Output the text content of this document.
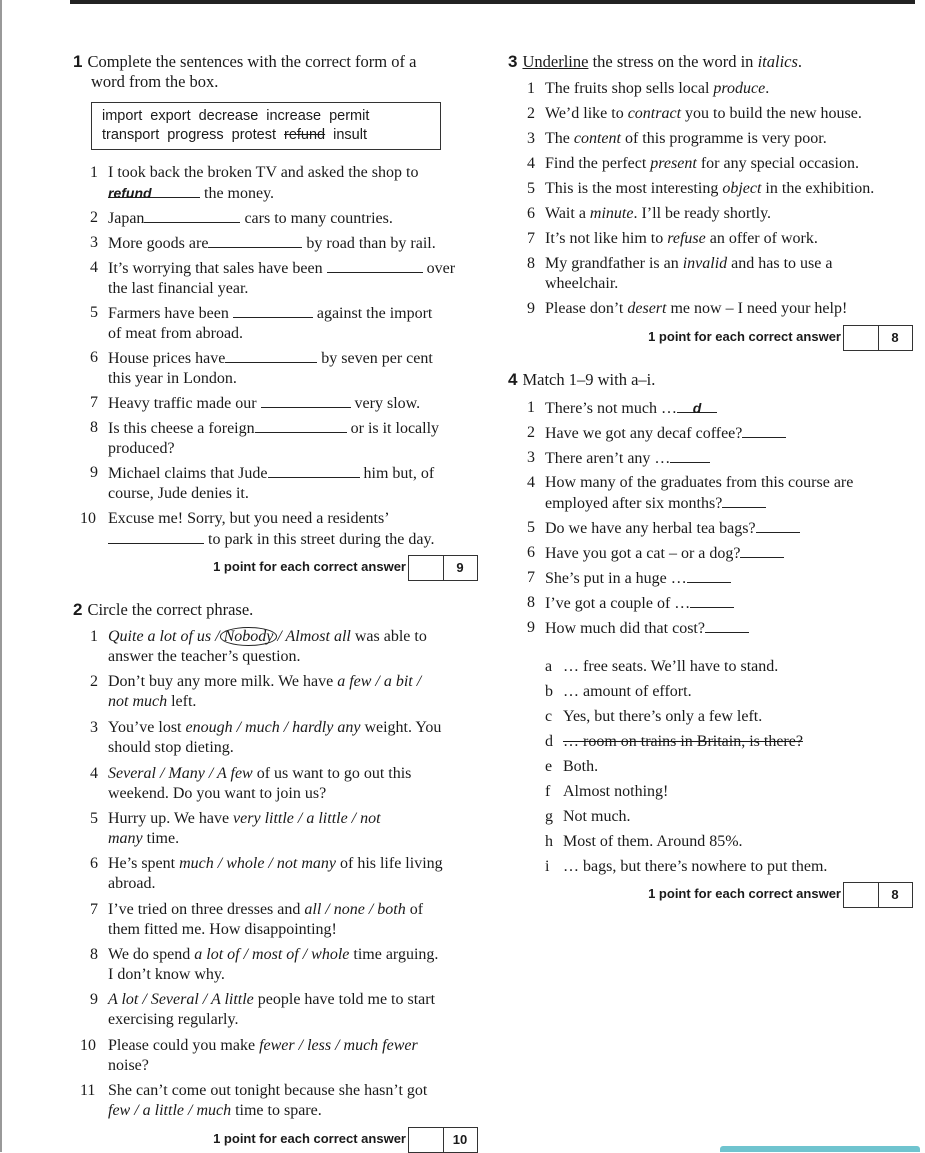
1 Complete the sentences with the correct form of a
word from the box.
import export decrease increase permit
transport progress protest refund insult
1 I took back the broken TV and asked the shop to
refund	the money.
2 Japan	cars to many countries.
3 More goods are	by road than by rail.
4 It’s worrying that sales have been	over
the last financial year.
5 Farmers have been	against the import
of meat from abroad.
6 House prices have	by seven per cent
this year in London.
7 Heavy traffic made our	very slow.
8 Is this cheese a foreign	or is it locally
produced?
9 Michael claims that Jude	him but, of
course, Jude denies it.
10 Excuse me! Sorry, but you need a residents’
to park in this street during the day.
1 point for each correct answer	9
2 Circle the correct phrase.
1 Quite a lot of us / Nobody / Almost all was able to
answer the teacher’s question.
2 Don’t buy any more milk. We have a few / a bit /
not much left.
3 You’ve lost enough / much / hardly any weight. You
should stop dieting.
4 Several / Many / A few of us want to go out this
weekend. Do you want to join us?
5 Hurry up. We have very little / a little / not
many time.
6 He’s spent much / whole / not many of his life living
abroad.
7 I’ve tried on three dresses and all / none / both of
them fitted me. How disappointing!
8 We do spend a lot of / most of / whole time arguing.
I don’t know why.
9 A lot / Several / A little people have told me to start
exercising regularly.
10 Please could you make fewer / less / much fewer
noise?
11 She can’t come out tonight because she hasn’t got
few / a little / much time to spare.
1 point for each correct answer	10
3 Underline the stress on the word in italics.
1 The fruits shop sells local produce.
2 We’d like to contract you to build the new house.
3 The content of this programme is very poor.
4 Find the perfect present for any special occasion.
5 This is the most interesting object in the exhibition.
6 Wait a minute. I’ll be ready shortly.
7 It’s not like him to refuse an offer of work.
8 My grandfather is an invalid and has to use a
wheelchair.
9 Please don’t desert me now – I need your help!
1 point for each correct answer	8
4 Match 1–9 with a–i.
1 There’s not much … d
2 Have we got any decaf coffee?
3 There aren’t any …
4 How many of the graduates from this course are
employed after six months?
5 Do we have any herbal tea bags?
6 Have you got a cat – or a dog?
7 She’s put in a huge …
8 I’ve got a couple of …
9 How much did that cost?
a … free seats. We’ll have to stand.
b … amount of effort.
c Yes, but there’s only a few left.
d … room on trains in Britain, is there?
e Both.
f Almost nothing!
g Not much.
h Most of them. Around 85%.
i … bags, but there’s nowhere to put them.
1 point for each correct answer	8
